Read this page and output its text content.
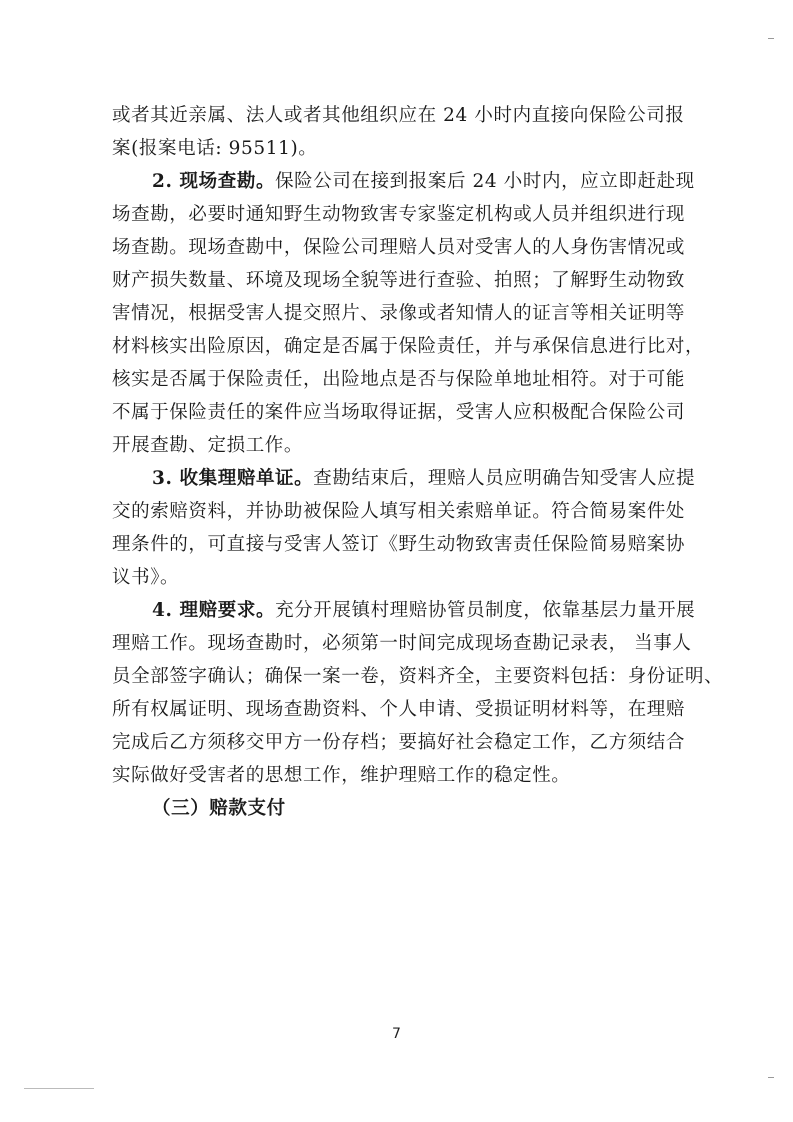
或者其近亲属、法人或者其他组织应在 24 小时内直接向保险公司报
案(报案电话: 95511)。
2. 现场查勘。保险公司在接到报案后 24 小时内，应立即赶赴现
场查勘，必要时通知野生动物致害专家鉴定机构或人员并组织进行现
场查勘。现场查勘中，保险公司理赔人员对受害人的人身伤害情况或
财产损失数量、环境及现场全貌等进行查验、拍照；了解野生动物致
害情况，根据受害人提交照片、录像或者知情人的证言等相关证明等
材料核实出险原因，确定是否属于保险责任，并与承保信息进行比对，
核实是否属于保险责任，出险地点是否与保险单地址相符。对于可能
不属于保险责任的案件应当场取得证据，受害人应积极配合保险公司
开展查勘、定损工作。
3. 收集理赔单证。查勘结束后，理赔人员应明确告知受害人应提
交的索赔资料，并协助被保险人填写相关索赔单证。符合简易案件处
理条件的，可直接与受害人签订《野生动物致害责任保险简易赔案协
议书》。
4. 理赔要求。充分开展镇村理赔协管员制度，依靠基层力量开展
理赔工作。现场查勘时，必须第一时间完成现场查勘记录表， 当事人
员全部签字确认；确保一案一卷，资料齐全，主要资料包括：身份证明、
所有权属证明、现场查勘资料、个人申请、受损证明材料等，在理赔
完成后乙方须移交甲方一份存档；要搞好社会稳定工作，乙方须结合
实际做好受害者的思想工作，维护理赔工作的稳定性。
（三）赔款支付
7
